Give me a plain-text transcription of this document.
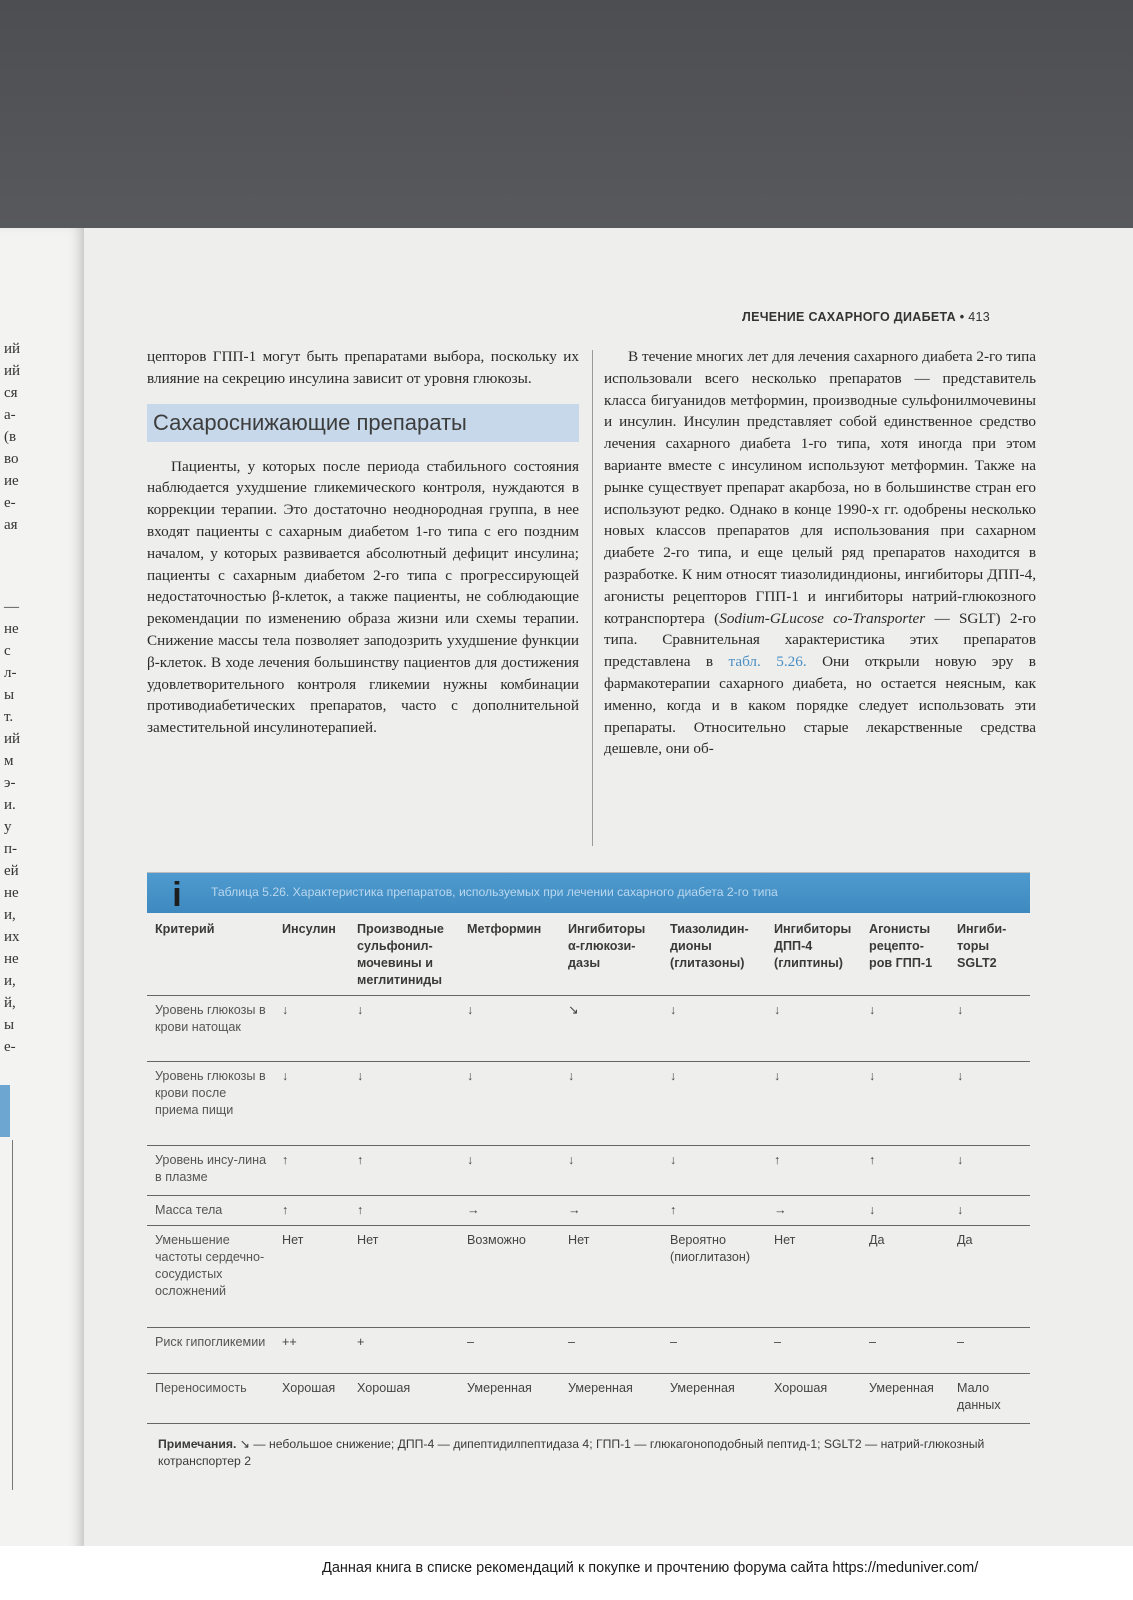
ий
ий
ся
а-
(в
во
ие
е-
ая
—
не
с
л-
ы
т.
ий
м
э-
и.
у
п-
ей
не
и,
их
не
и,
й,
ы
е-
ЛЕЧЕНИЕ САХАРНОГО ДИАБЕТА • 413

цепторов ГПП-1 могут быть препаратами выбора, поскольку их влияние на секрецию инсулина зависит от уровня глюкозы.

Сахароснижающие препараты

Пациенты, у которых после периода стабильного состояния наблюдается ухудшение гликемического контроля, нуждаются в коррекции терапии. Это достаточно неоднородная группа, в нее входят пациенты с сахарным диабетом 1-го типа с его поздним началом, у которых развивается абсолютный дефицит инсулина; пациенты с сахарным диабетом 2-го типа с прогрессирующей недостаточностью β-клеток, а также пациенты, не соблюдающие рекомендации по изменению образа жизни или схемы терапии. Снижение массы тела позволяет заподозрить ухудшение функции β-клеток. В ходе лечения большинству пациентов для достижения удовлетворительного контроля гликемии нужны комбинации противодиабетических препаратов, часто с дополнительной заместительной инсулинотерапией.

В течение многих лет для лечения сахарного диабета 2-го типа использовали всего несколько препаратов — представитель класса бигуанидов метформин, производные сульфонилмочевины и инсулин. Инсулин представляет собой единственное средство лечения сахарного диабета 1-го типа, хотя иногда при этом варианте вместе с инсулином используют метформин. Также на рынке существует препарат акарбоза, но в большинстве стран его используют редко. Однако в конце 1990-х гг. одобрены несколько новых классов препаратов для использования при сахарном диабете 2-го типа, и еще целый ряд препаратов находится в разработке. К ним относят тиазолидиндионы, ингибиторы ДПП-4, агонисты рецепторов ГПП-1 и ингибиторы натрий-глюкозного котранспортера (Sodium-GLucose co-Transporter — SGLT) 2-го типа. Сравнительная характеристика этих препаратов представлена в табл. 5.26. Они открыли новую эру в фармакотерапии сахарного диабета, но остается неясным, как именно, когда и в каком порядке следует использовать эти препараты. Относительно старые лекарственные средства дешевле, они об-

i Таблица 5.26. Характеристика препаратов, используемых при лечении сахарного диабета 2-го типа
Критерий	Инсулин	Производные сульфонил-мочевины и меглитиниды	Метформин	Ингибиторы α-глюкози-дазы	Тиазолидин-дионы (глитазоны)	Ингибиторы ДПП-4 (глиптины)	Агонисты рецепто-ров ГПП-1	Ингиби-торы SGLT2
Уровень глюкозы в крови натощак	↓	↓	↓	↘	↓	↓	↓	↓
Уровень глюкозы в крови после приема пищи	↓	↓	↓	↓	↓	↓	↓	↓
Уровень инсу-лина в плазме	↑	↑	↓	↓	↓	↑	↑	↓
Масса тела	↑	↑	→	→	↑	→	↓	↓
Уменьшение частоты сердечно-сосудистых осложнений	Нет	Нет	Возможно	Нет	Вероятно (пиоглитазон)	Нет	Да	Да
Риск гипогликемии	++	+	–	–	–	–	–	–
Переносимость	Хорошая	Хорошая	Умеренная	Умеренная	Умеренная	Хорошая	Умеренная	Мало данных
Примечания. ↘ — небольшое снижение; ДПП-4 — дипептидилпептидаза 4; ГПП-1 — глюкагоноподобный пептид-1; SGLT2 — натрий-глюкозный котранспортер 2
Данная книга в списке рекомендаций к покупке и прочтению форума сайта https://meduniver.com/
